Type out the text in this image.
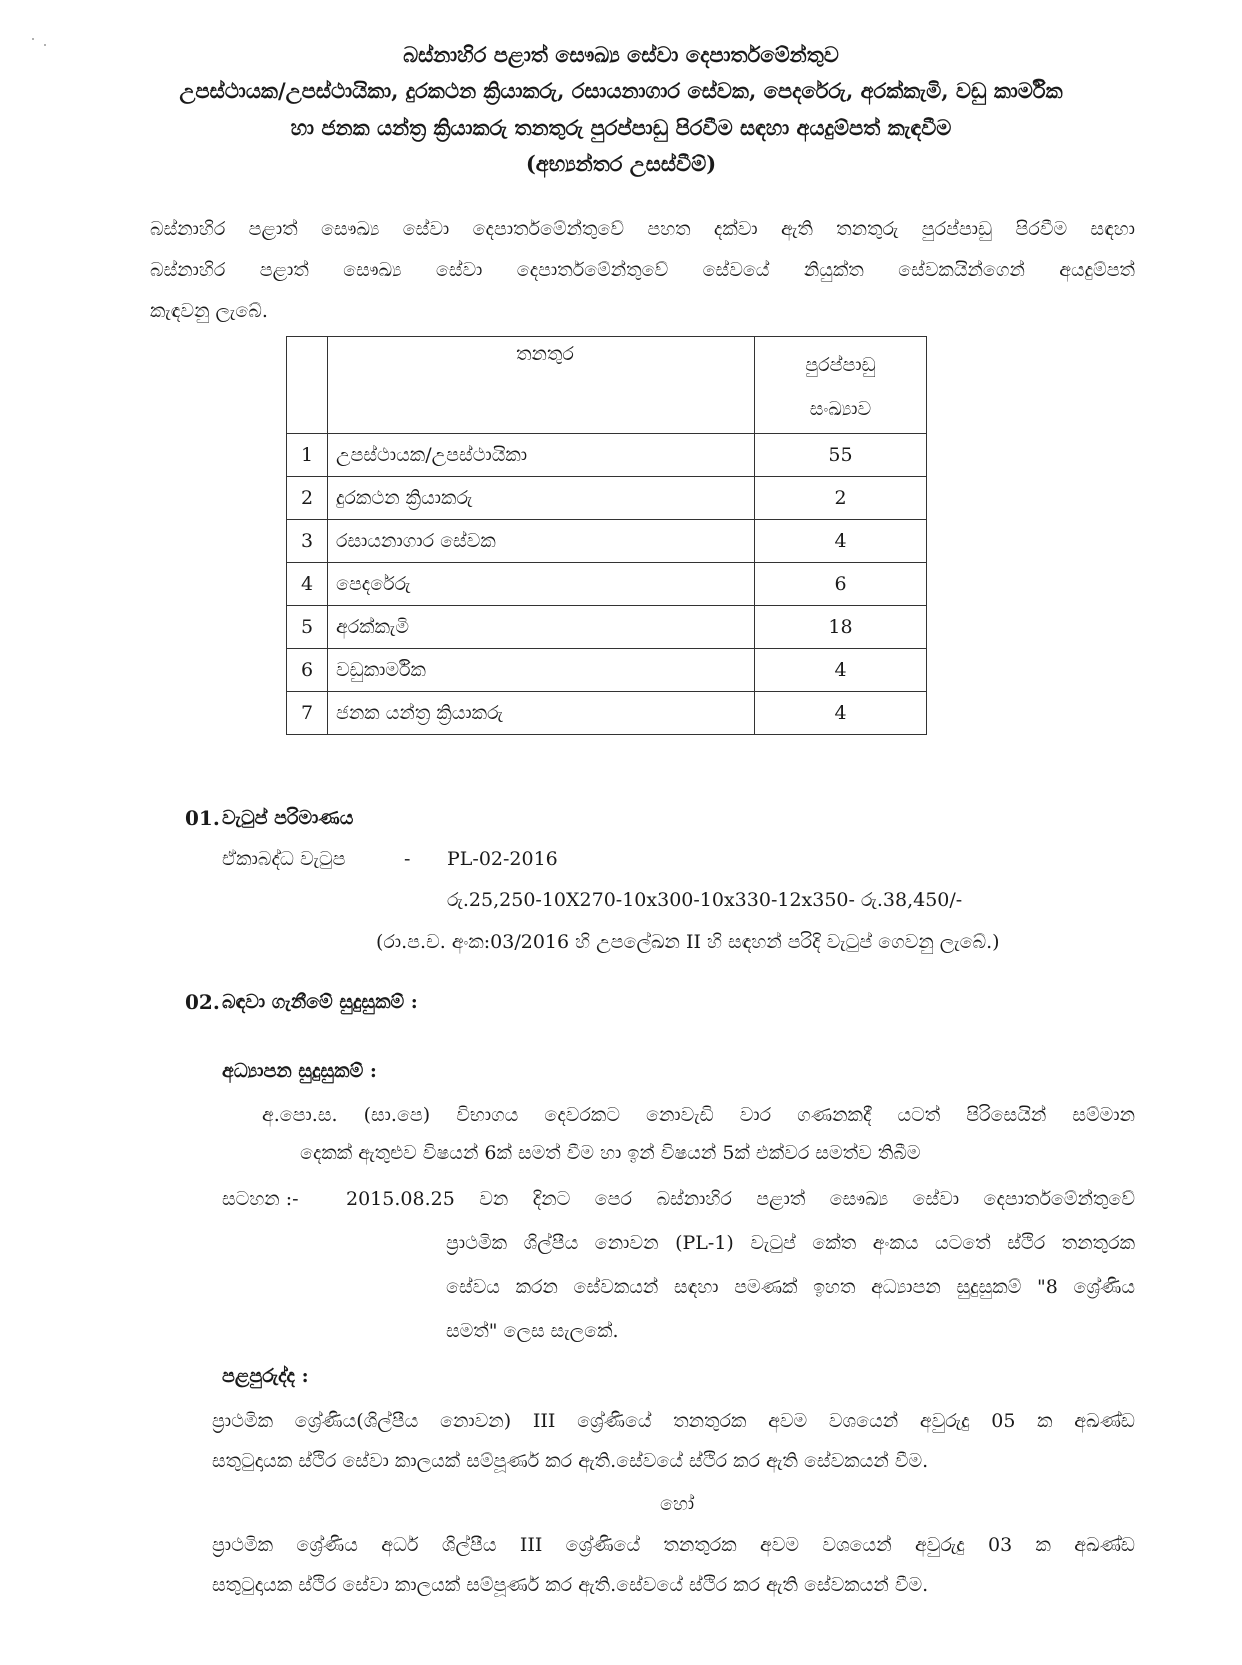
බස්නාහිර පළාත් සෞඛ්‍ය සේවා දෙපාර්තමේන්තුව
උපස්ථායක/උපස්ථායිකා, දුරකථන ක්‍රියාකරු, රසායනාගාර සේවක, පෙදරේරු, අරක්කැමි, වඩු කාර්මික
හා ජනක යන්ත්‍ර ක්‍රියාකරු තනතුරු පුරප්පාඩු පිරවීම සඳහා අයදුම්පත් කැඳවීම
(අභ්‍යන්තර උසස්වීම්)
බස්නාහිර පළාත් සෞඛ්‍ය සේවා දෙපාර්තමේන්තුවේ පහත දක්වා ඇති තනතුරු පුරප්පාඩු පිරවීම සඳහා
බස්නාහිර පළාත් සෞඛ්‍ය සේවා දෙපාර්තමේන්තුවේ සේවයේ නියුක්ත සේවකයින්ගෙන් අයදුම්පත්
කැඳවනු ලැබේ.
	තනතුර	පුරප්පාඩු
සංඛ්‍යාව

1	උපස්ථායක/උපස්ථායිකා	55
2	දුරකථන ක්‍රියාකරු	2
3	රසායනාගාර සේවක	4
4	පෙදරේරු	6
5	අරක්කැමි	18
6	වඩුකාර්මික	4
7	ජනක යන්ත්‍ර ක්‍රියාකරු	4
01. වැටුප් පරිමාණය
ඒකාබද්ධ වැටුප	- PL-02-2016
රු.25,250-10X270-10x300-10x330-12x350- රු.38,450/-
(රා.ප.ච. අංක:03/2016 හි උපලේඛන II හි සඳහන් පරිදි වැටුප් ගෙවනු ලැබේ.)
02. බඳවා ගැනීමේ සුදුසුකම් :
අධ්‍යාපන සුදුසුකම් :
අ.පො.ස. (සා.පෙ) විභාගය දෙවරකට නොවැඩි වාර ගණනකදී යටත් පිරිසෙයින් සම්මාන
දෙකක් ඇතුළුව විෂයන් 6ක් සමත් වීම හා ඉන් විෂයන් 5ක් එක්වර සමත්ව තිබීම
සටහන :- 2015.08.25 වන දිනට පෙර බස්නාහිර පළාත් සෞඛ්‍ය සේවා දෙපාර්තමේන්තුවේ
ප්‍රාථමික ශිල්පීය නොවන (PL-1) වැටුප් කේත අංකය යටතේ ස්ථිර තනතුරක
සේවය කරන සේවකයන් සඳහා පමණක් ඉහත අධ්‍යාපන සුදුසුකම් "8 ශ්‍රේණිය
සමත්" ලෙස සැලකේ.
පළපුරුද්ද :
ප්‍රාථමික ශ්‍රේණිය(ශිල්පීය නොවන) III ශ්‍රේණියේ තනතුරක අවම වශයෙන් අවුරුදු 05 ක අඛණ්ඩ
සතුටුදායක ස්ථිර සේවා කාලයක් සම්පූර්ණ කර ඇති.සේවයේ ස්ථිර කර ඇති සේවකයන් වීම.
හෝ
ප්‍රාථමික ශ්‍රේණිය අර්ධ ශිල්පීය III ශ්‍රේණියේ තනතුරක අවම වශයෙන් අවුරුදු 03 ක අඛණ්ඩ
සතුටුදායක ස්ථිර සේවා කාලයක් සම්පූර්ණ කර ඇති.සේවයේ ස්ථිර කර ඇති සේවකයන් වීම.
